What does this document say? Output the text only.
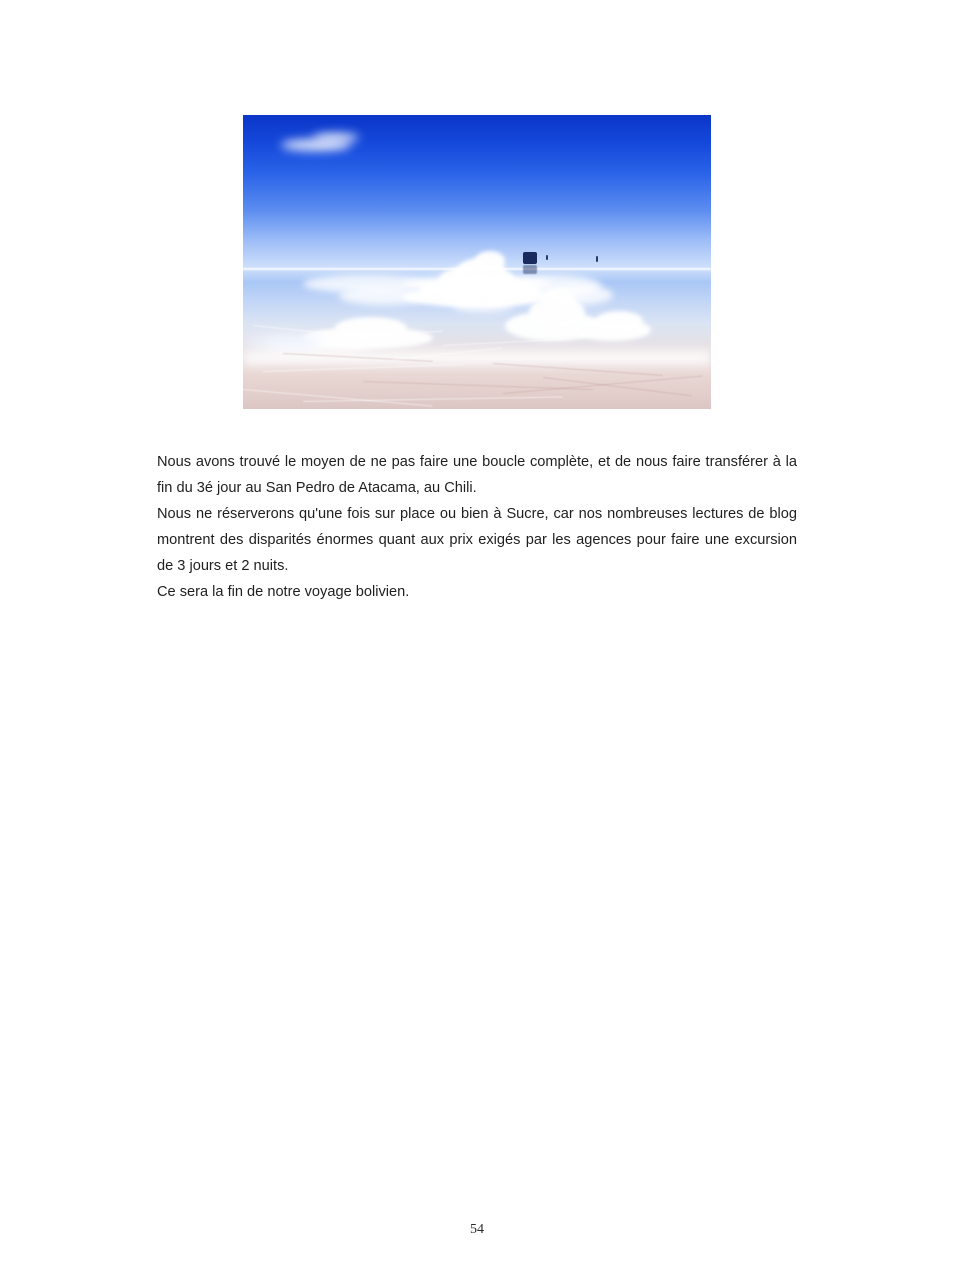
Nous avons trouvé le moyen de ne pas faire une boucle complète, et de nous faire transférer à la fin du 3é jour au San Pedro de Atacama, au Chili.

Nous ne réserverons qu'une fois sur place ou bien à Sucre, car nos nombreuses lectures de blog montrent des disparités énormes quant aux prix exigés par les agences pour faire une excursion de 3 jours et 2 nuits.

Ce sera la fin de notre voyage bolivien.

54
